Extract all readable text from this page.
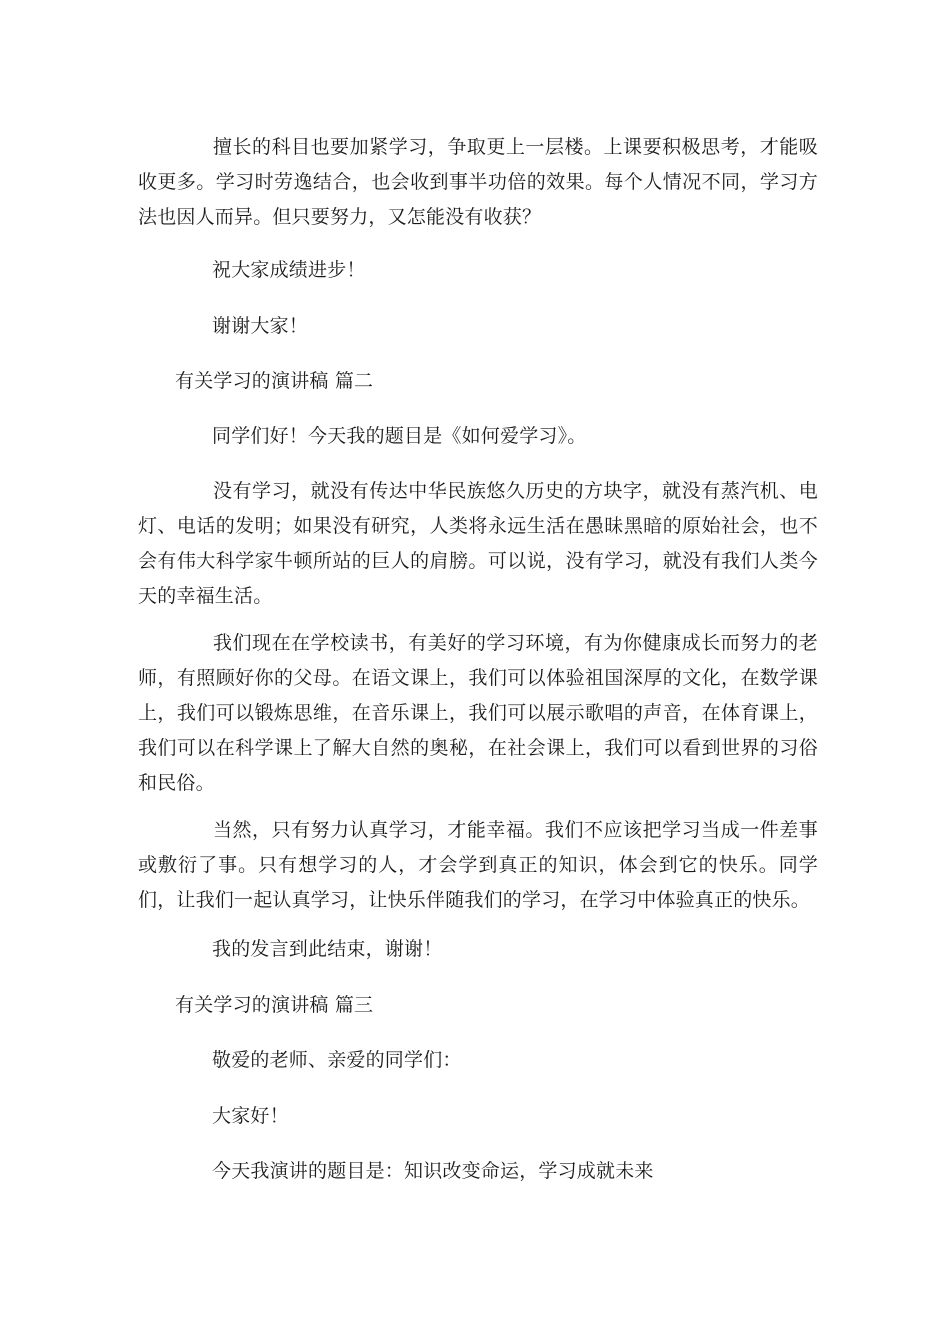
擅长的科目也要加紧学习，争取更上一层楼。上课要积极思考，才能吸收更多。学习时劳逸结合，也会收到事半功倍的效果。每个人情况不同，学习方法也因人而异。但只要努力，又怎能没有收获？

祝大家成绩进步！

谢谢大家！

有关学习的演讲稿 篇二

同学们好！今天我的题目是《如何爱学习》。

没有学习，就没有传达中华民族悠久历史的方块字，就没有蒸汽机、电灯、电话的发明；如果没有研究，人类将永远生活在愚昧黑暗的原始社会，也不会有伟大科学家牛顿所站的巨人的肩膀。可以说，没有学习，就没有我们人类今天的幸福生活。

我们现在在学校读书，有美好的学习环境，有为你健康成长而努力的老师，有照顾好你的父母。在语文课上，我们可以体验祖国深厚的文化，在数学课上，我们可以锻炼思维，在音乐课上，我们可以展示歌唱的声音，在体育课上，我们可以在科学课上了解大自然的奥秘，在社会课上，我们可以看到世界的习俗和民俗。

当然，只有努力认真学习，才能幸福。我们不应该把学习当成一件差事或敷衍了事。只有想学习的人，才会学到真正的知识，体会到它的快乐。同学们，让我们一起认真学习，让快乐伴随我们的学习，在学习中体验真正的快乐。

我的发言到此结束，谢谢！

有关学习的演讲稿 篇三

敬爱的老师、亲爱的同学们：

大家好！

今天我演讲的题目是：知识改变命运，学习成就未来
